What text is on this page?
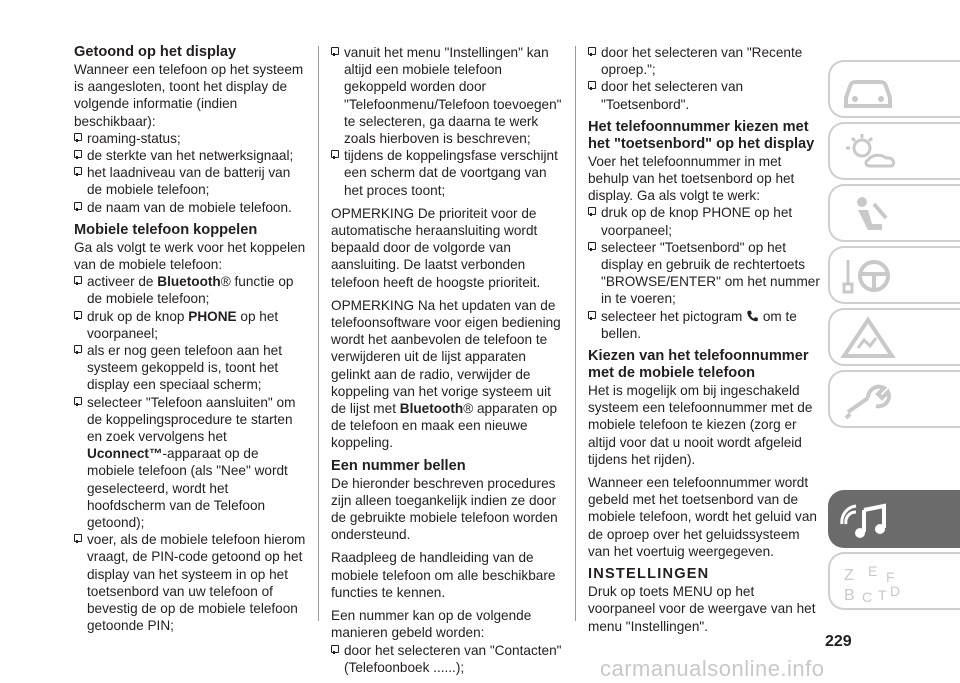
Getoond op het display

Wanneer een telefoon op het systeem is aangesloten, toont het display de volgende informatie (indien beschikbaar):

roaming-status;
de sterkte van het netwerksignaal;
het laadniveau van de batterij van de mobiele telefoon;
de naam van de mobiele telefoon.

Mobiele telefoon koppelen

Ga als volgt te werk voor het koppelen van de mobiele telefoon:

activeer de Bluetooth® functie op de mobiele telefoon;
druk op de knop PHONE op het voorpaneel;
als er nog geen telefoon aan het systeem gekoppeld is, toont het display een speciaal scherm;
selecteer "Telefoon aansluiten" om de koppelingsprocedure te starten en zoek vervolgens het Uconnect™-apparaat op de mobiele telefoon (als "Nee" wordt geselecteerd, wordt het hoofdscherm van de Telefoon getoond);
voer, als de mobiele telefoon hierom vraagt, de PIN-code getoond op het display van het systeem in op het toetsenbord van uw telefoon of bevestig de op de mobiele telefoon getoonde PIN;
vanuit het menu "Instellingen" kan altijd een mobiele telefoon gekoppeld worden door "Telefoonmenu/Telefoon toevoegen" te selecteren, ga daarna te werk zoals hierboven is beschreven;
tijdens de koppelingsfase verschijnt een scherm dat de voortgang van het proces toont;

OPMERKING De prioriteit voor de automatische heraansluiting wordt bepaald door de volgorde van aansluiting. De laatst verbonden telefoon heeft de hoogste prioriteit.

OPMERKING Na het updaten van de telefoonsoftware voor eigen bediening wordt het aanbevolen de telefoon te verwijderen uit de lijst apparaten gelinkt aan de radio, verwijder de koppeling van het vorige systeem uit de lijst met Bluetooth® apparaten op de telefoon en maak een nieuwe koppeling.

Een nummer bellen

De hieronder beschreven procedures zijn alleen toegankelijk indien ze door de gebruikte mobiele telefoon worden ondersteund.

Raadpleeg de handleiding van de mobiele telefoon om alle beschikbare functies te kennen.

Een nummer kan op de volgende manieren gebeld worden:

door het selecteren van "Contacten" (Telefoonboek ......);
door het selecteren van "Recente oproep.";
door het selecteren van "Toetsenbord".

Het telefoonnummer kiezen met het "toetsenbord" op het display

Voer het telefoonnummer in met behulp van het toetsenbord op het display. Ga als volgt te werk:

druk op de knop PHONE op het voorpaneel;
selecteer "Toetsenbord" op het display en gebruik de rechtertoets "BROWSE/ENTER" om het nummer in te voeren;
selecteer het pictogram  om te bellen.

Kiezen van het telefoonnummer met de mobiele telefoon

Het is mogelijk om bij ingeschakeld systeem een telefoonnummer met de mobiele telefoon te kiezen (zorg er altijd voor dat u nooit wordt afgeleid tijdens het rijden).

Wanneer een telefoonnummer wordt gebeld met het toetsenbord van de mobiele telefoon, wordt het geluid van de oproep over het geluidssysteem van het voertuig weergegeven.

INSTELLINGEN

Druk op toets MENU op het voorpaneel voor de weergave van het menu "Instellingen".

Z E
B C T D
F
229
carmanualsonline.info
